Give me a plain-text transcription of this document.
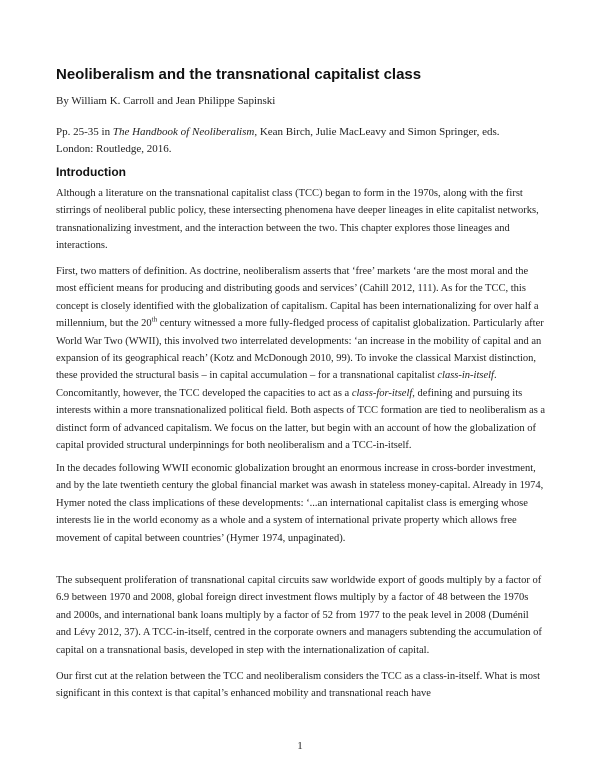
Neoliberalism and the transnational capitalist class

By William K. Carroll and Jean Philippe Sapinski

Pp. 25-35 in The Handbook of Neoliberalism, Kean Birch, Julie MacLeavy and Simon Springer, eds.
London: Routledge, 2016.

Introduction

Although a literature on the transnational capitalist class (TCC) began to form in the 1970s, along with the first stirrings of neoliberal public policy, these intersecting phenomena have deeper lineages in elite capitalist networks, transnationalizing investment, and the interaction between the two. This chapter explores those lineages and interactions.

First, two matters of definition. As doctrine, neoliberalism asserts that ‘free’ markets ‘are the most moral and the most efficient means for producing and distributing goods and services’ (Cahill 2012, 111). As for the TCC, this concept is closely identified with the globalization of capitalism. Capital has been internationalizing for over half a millennium, but the 20th century witnessed a more fully-fledged process of capitalist globalization. Particularly after World War Two (WWII), this involved two interrelated developments: ‘an increase in the mobility of capital and an expansion of its geographical reach’ (Kotz and McDonough 2010, 99). To invoke the classical Marxist distinction, these provided the structural basis – in capital accumulation – for a transnational capitalist class-in-itself. Concomitantly, however, the TCC developed the capacities to act as a class-for-itself, defining and pursuing its interests within a more transnationalized political field. Both aspects of TCC formation are tied to neoliberalism as a distinct form of advanced capitalism. We focus on the latter, but begin with an account of how the globalization of capital provided structural underpinnings for both neoliberalism and a TCC-in-itself.

In the decades following WWII economic globalization brought an enormous increase in cross-border investment, and by the late twentieth century the global financial market was awash in stateless money-capital. Already in 1974, Hymer noted the class implications of these developments: ‘...an international capitalist class is emerging whose interests lie in the world economy as a whole and a system of international private property which allows free movement of capital between countries’ (Hymer 1974, unpaginated).

The subsequent proliferation of transnational capital circuits saw worldwide export of goods multiply by a factor of 6.9 between 1970 and 2008, global foreign direct investment flows multiply by a factor of 48 between the 1970s and 2000s, and international bank loans multiply by a factor of 52 from 1977 to the peak level in 2008 (Duménil and Lévy 2012, 37). A TCC-in-itself, centred in the corporate owners and managers subtending the accumulation of capital on a transnational basis, developed in step with the internationalization of capital.

Our first cut at the relation between the TCC and neoliberalism considers the TCC as a class-in-itself. What is most significant in this context is that capital’s enhanced mobility and transnational reach have

1
